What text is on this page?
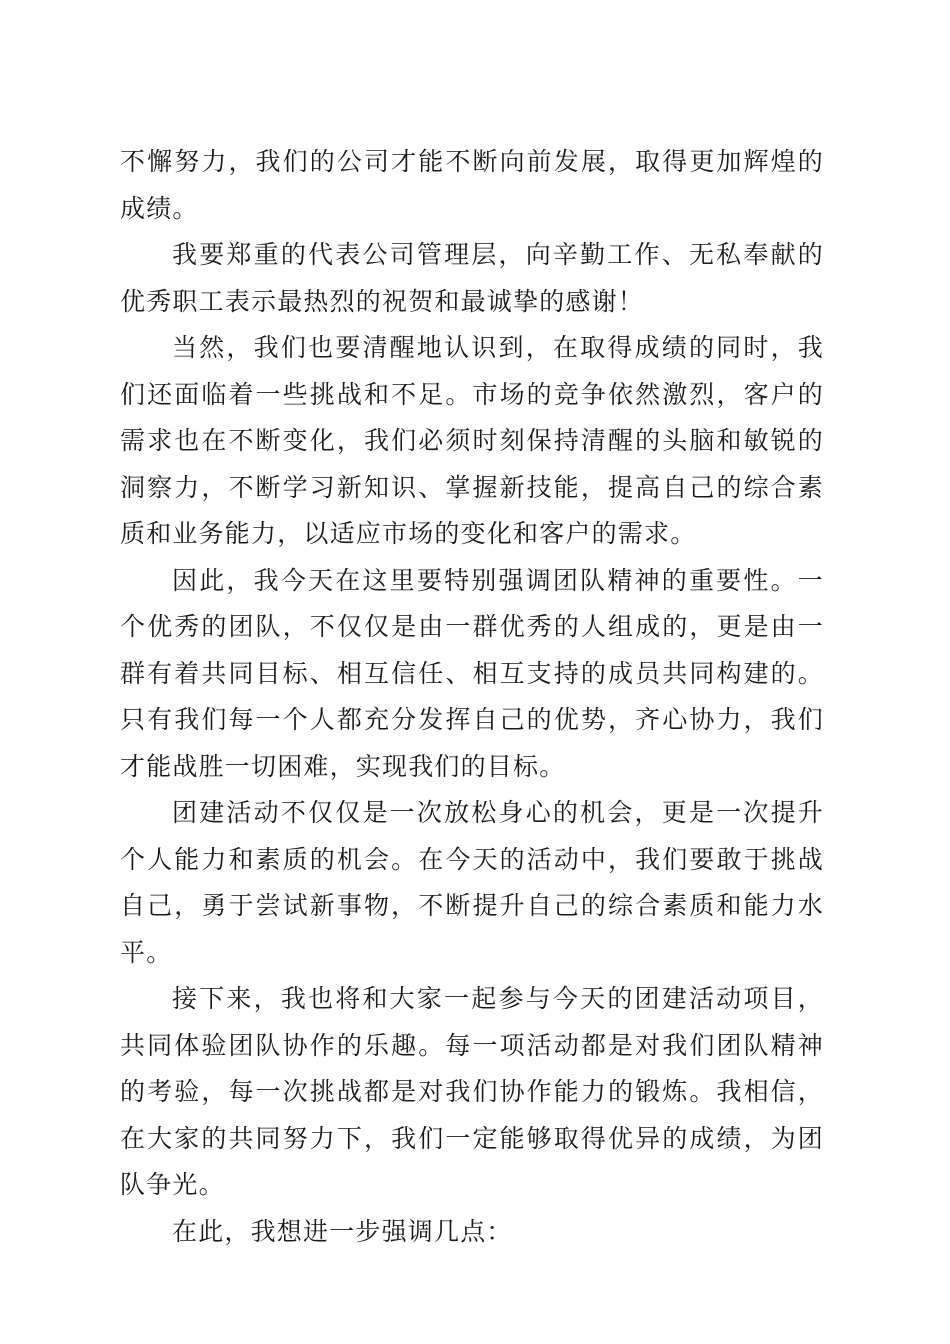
不懈努力，我们的公司才能不断向前发展，取得更加辉煌的成绩。

我要郑重的代表公司管理层，向辛勤工作、无私奉献的优秀职工表示最热烈的祝贺和最诚挚的感谢！

当然，我们也要清醒地认识到，在取得成绩的同时，我们还面临着一些挑战和不足。市场的竞争依然激烈，客户的需求也在不断变化，我们必须时刻保持清醒的头脑和敏锐的洞察力，不断学习新知识、掌握新技能，提高自己的综合素质和业务能力，以适应市场的变化和客户的需求。

因此，我今天在这里要特别强调团队精神的重要性。一个优秀的团队，不仅仅是由一群优秀的人组成的，更是由一群有着共同目标、相互信任、相互支持的成员共同构建的。只有我们每一个人都充分发挥自己的优势，齐心协力，我们才能战胜一切困难，实现我们的目标。

团建活动不仅仅是一次放松身心的机会，更是一次提升个人能力和素质的机会。在今天的活动中，我们要敢于挑战自己，勇于尝试新事物，不断提升自己的综合素质和能力水平。

接下来，我也将和大家一起参与今天的团建活动项目，共同体验团队协作的乐趣。每一项活动都是对我们团队精神的考验，每一次挑战都是对我们协作能力的锻炼。我相信，在大家的共同努力下，我们一定能够取得优异的成绩，为团队争光。

在此，我想进一步强调几点：
